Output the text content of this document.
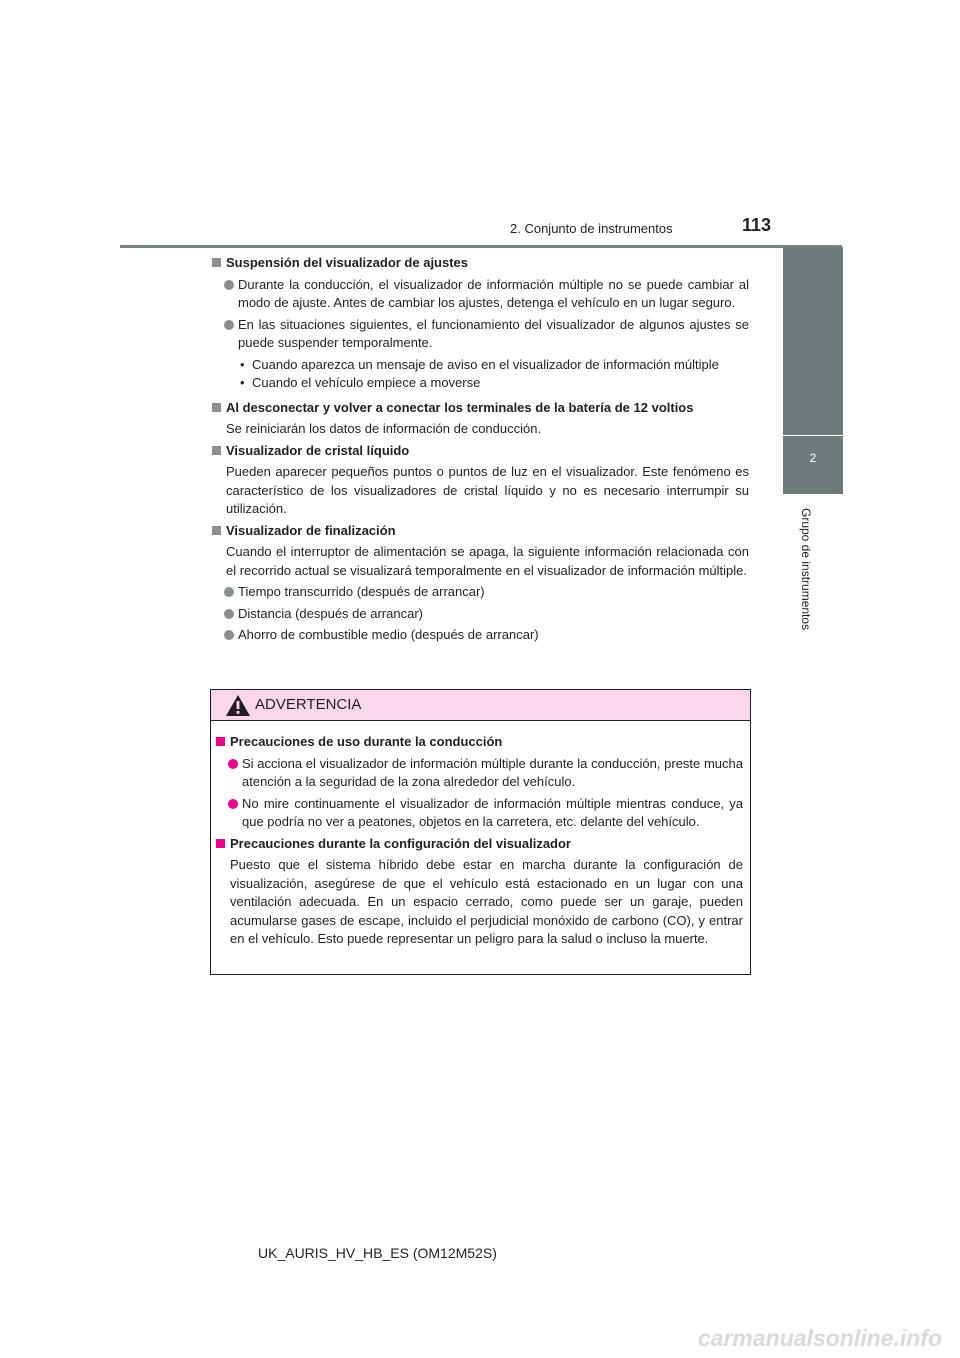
2. Conjunto de instrumentos	113
2
Grupo de instrumentos
Suspensión del visualizador de ajustes
Durante la conducción, el visualizador de información múltiple no se puede cambiar al modo de ajuste. Antes de cambiar los ajustes, detenga el vehículo en un lugar seguro.
En las situaciones siguientes, el funcionamiento del visualizador de algunos ajustes se puede suspender temporalmente.
• Cuando aparezca un mensaje de aviso en el visualizador de información múltiple
• Cuando el vehículo empiece a moverse
Al desconectar y volver a conectar los terminales de la batería de 12 voltios
Se reiniciarán los datos de información de conducción.
Visualizador de cristal líquido
Pueden aparecer pequeños puntos o puntos de luz en el visualizador. Este fenómeno es característico de los visualizadores de cristal líquido y no es necesario interrumpir su utilización.
Visualizador de finalización
Cuando el interruptor de alimentación se apaga, la siguiente información relacionada con el recorrido actual se visualizará temporalmente en el visualizador de información múltiple.
Tiempo transcurrido (después de arrancar)
Distancia (después de arrancar)
Ahorro de combustible medio (después de arrancar)
ADVERTENCIA
Precauciones de uso durante la conducción
Si acciona el visualizador de información múltiple durante la conducción, preste mucha atención a la seguridad de la zona alrededor del vehículo.
No mire continuamente el visualizador de información múltiple mientras conduce, ya que podría no ver a peatones, objetos en la carretera, etc. delante del vehículo.
Precauciones durante la configuración del visualizador
Puesto que el sistema híbrido debe estar en marcha durante la configuración de visualización, asegúrese de que el vehículo está estacionado en un lugar con una ventilación adecuada. En un espacio cerrado, como puede ser un garaje, pueden acumularse gases de escape, incluido el perjudicial monóxido de carbono (CO), y entrar en el vehículo. Esto puede representar un peligro para la salud o incluso la muerte.
UK_AURIS_HV_HB_ES (OM12M52S)
carmanualsonline.info
